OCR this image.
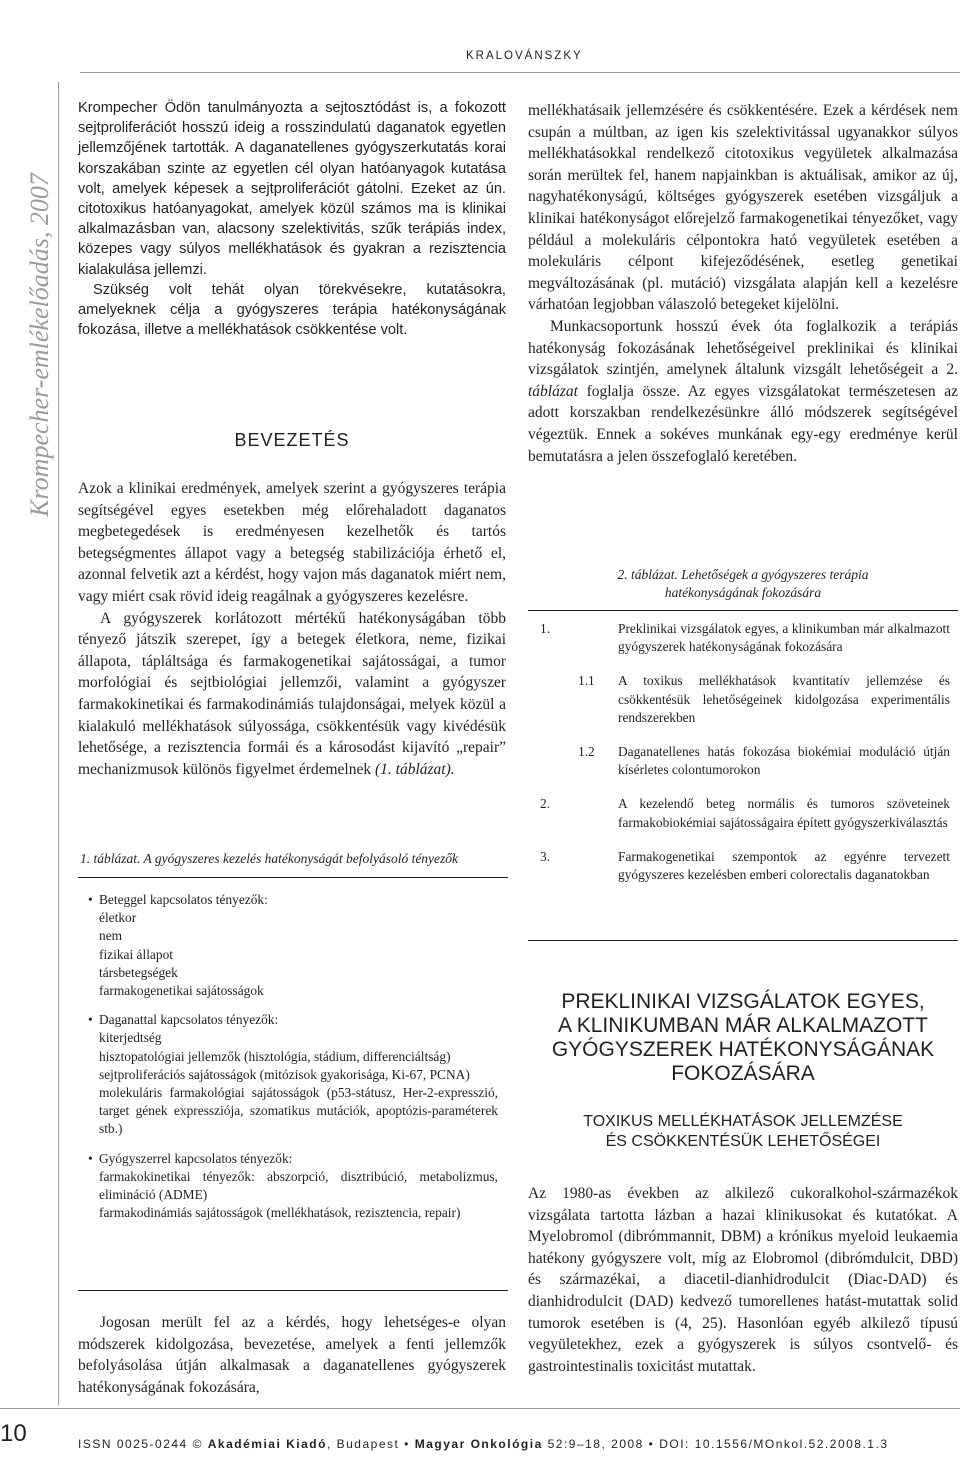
KRALOVÁNSZKY
Krompecher-emlékelőadás, 2007

Krompecher Ödön tanulmányozta a sejtosztódást is, a fokozott sejtproliferációt hosszú ideig a rosszindulatú daganatok egyetlen jellemzőjének tartották. A daganatellenes gyógyszerkutatás korai korszakában szinte az egyetlen cél olyan hatóanyagok kutatása volt, amelyek képesek a sejtproliferációt gátolni. Ezeket az ún. citotoxikus hatóanyagokat, amelyek közül számos ma is klinikai alkalmazásban van, alacsony szelektivitás, szűk terápiás index, közepes vagy súlyos mellékhatások és gyakran a rezisztencia kialakulása jellemzi.

Szükség volt tehát olyan törekvésekre, kutatásokra, amelyeknek célja a gyógyszeres terápia hatékonyságának fokozása, illetve a mellékhatások csökkentése volt.

BEVEZETÉS

Azok a klinikai eredmények, amelyek szerint a gyógyszeres terápia segítségével egyes esetekben még előrehaladott daganatos megbetegedések is eredményesen kezelhetők és tartós betegségmentes állapot vagy a betegség stabilizációja érhető el, azonnal felvetik azt a kérdést, hogy vajon más daganatok miért nem, vagy miért csak rövid ideig reagálnak a gyógyszeres kezelésre.

A gyógyszerek korlátozott mértékű hatékonyságában több tényező játszik szerepet, így a betegek életkora, neme, fizikai állapota, tápláltsága és farmakogenetikai sajátosságai, a tumor morfológiai és sejtbiológiai jellemzői, valamint a gyógyszer farmakokinetikai és farmakodinámiás tulajdonságai, melyek közül a kialakuló mellékhatások súlyossága, csökkentésük vagy kivédésük lehetősége, a rezisztencia formái és a károsodást kijavító „repair” mechanizmusok különös figyelmet érdemelnek (1. táblázat).

1. táblázat. A gyógyszeres kezelés hatékonyságát befolyásoló tényezők
• Beteggel kapcsolatos tényezők:
életkor
nem
fizikai állapot
társbetegségek
farmakogenetikai sajátosságok
• Daganattal kapcsolatos tényezők:
kiterjedtség
hisztopatológiai jellemzők (hisztológia, stádium, differenciáltság)
sejtproliferációs sajátosságok (mitózisok gyakorisága, Ki-67, PCNA)
molekuláris farmakológiai sajátosságok (p53-státusz, Her-2-expresszió, target gének expressziója, szomatikus mutációk, apoptózis-paraméterek stb.)
• Gyógyszerrel kapcsolatos tényezők:
farmakokinetikai tényezők: abszorpció, disztribúció, metabolizmus, elimináció (ADME)
farmakodinámiás sajátosságok (mellékhatások, rezisztencia, repair)

Jogosan merült fel az a kérdés, hogy lehetséges-e olyan módszerek kidolgozása, bevezetése, amelyek a fenti jellemzők befolyásolása útján alkalmasak a daganatellenes gyógyszerek hatékonyságának fokozására,

mellékhatásaik jellemzésére és csökkentésére. Ezek a kérdések nem csupán a múltban, az igen kis szelektivitással ugyanakkor súlyos mellékhatásokkal rendelkező citotoxikus vegyületek alkalmazása során merültek fel, hanem napjainkban is aktuálisak, amikor az új, nagyhatékonyságú, költséges gyógyszerek esetében vizsgáljuk a klinikai hatékonyságot előrejelző farmakogenetikai tényezőket, vagy például a molekuláris célpontokra ható vegyületek esetében a molekuláris célpont kifejeződésének, esetleg genetikai megváltozásának (pl. mutáció) vizsgálata alapján kell a kezelésre várhatóan legjobban válaszoló betegeket kijelölni.

Munkacsoportunk hosszú évek óta foglalkozik a terápiás hatékonyság fokozásának lehetőségeivel preklinikai és klinikai vizsgálatok szintjén, amelynek általunk vizsgált lehetőségeit a 2. táblázat foglalja össze. Az egyes vizsgálatokat természetesen az adott korszakban rendelkezésünkre álló módszerek segítségével végeztük. Ennek a sokéves munkának egy-egy eredménye kerül bemutatásra a jelen összefoglaló keretében.

2. táblázat. Lehetőségek a gyógyszeres terápia
hatékonyságának fokozására
1.	Preklinikai vizsgálatok egyes, a klinikumban már alkalmazott gyógyszerek hatékonyságának fokozására
1.1	A toxikus mellékhatások kvantitatív jellemzése és csökkentésük lehetőségeinek kidolgozása experimentális rendszerekben
1.2	Daganatellenes hatás fokozása biokémiai moduláció útján kísérletes colontumorokon
2.	A kezelendő beteg normális és tumoros szöveteinek farmakobiokémiai sajátosságaira épített gyógyszerkiválasztás
3.	Farmakogenetikai szempontok az egyénre tervezett gyógyszeres kezelésben emberi colorectalis daganatokban
PREKLINIKAI VIZSGÁLATOK EGYES,
A KLINIKUMBAN MÁR ALKALMAZOTT
GYÓGYSZEREK HATÉKONYSÁGÁNAK
FOKOZÁSÁRA
TOXIKUS MELLÉKHATÁSOK JELLEMZÉSE
ÉS CSÖKKENTÉSÜK LEHETŐSÉGEI

Az 1980-as években az alkilező cukoralkohol-származékok vizsgálata tartotta lázban a hazai klinikusokat és kutatókat. A Myelobromol (dibrómmannit, DBM) a krónikus myeloid leukaemia hatékony gyógyszere volt, míg az Elobromol (dibrómdulcit, DBD) és származékai, a diacetil-dianhidrodulcit (Diac-DAD) és dianhidrodulcit (DAD) kedvező tumorellenes hatást-mutattak solid tumorok esetében is (4, 25). Hasonlóan egyéb alkilező típusú vegyületekhez, ezek a gyógyszerek is súlyos csontvelő- és gastrointestinalis toxicitást mutattak.

10	ISSN 0025-0244 © Akadémiai Kiadó, Budapest • Magyar Onkológia 52:9–18, 2008 • DOI: 10.1556/MOnkol.52.2008.1.3
